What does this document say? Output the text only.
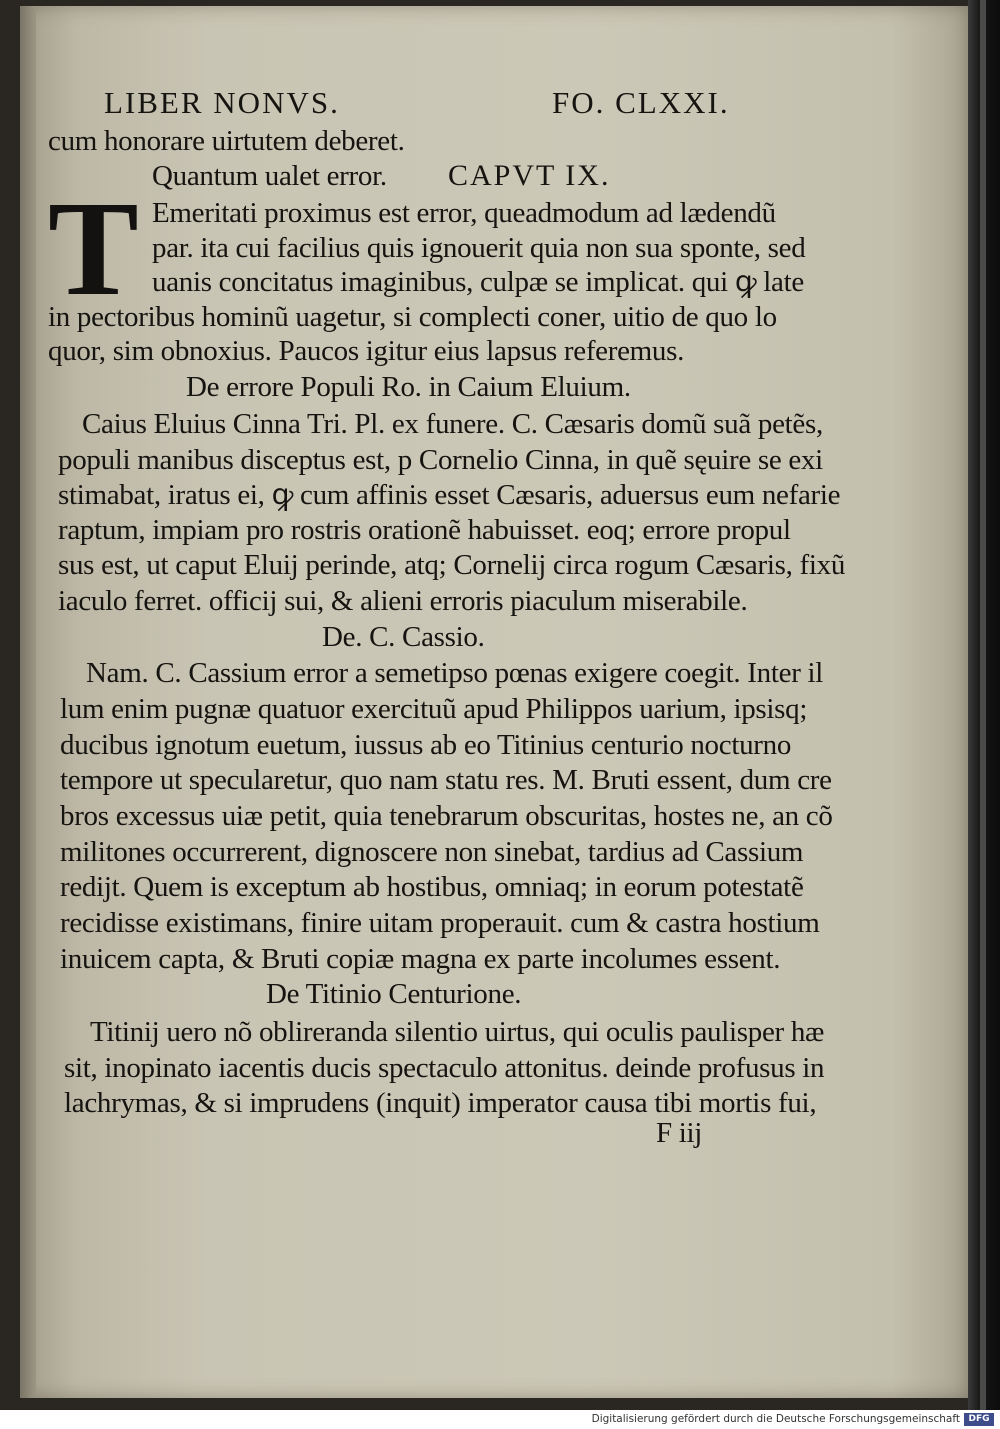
LIBER NONVS.	FO. CLXXI.
cum honorare uirtutem deberet.
Quantum ualet error. CAPVT IX.
T Emeritati proximus est error, queadmodum ad lædendũ
par. ita cui facilius quis ignouerit quia non sua sponte, sed
uanis concitatus imaginibus, culpæ se implicat. qui ꝙ late
in pectoribus hominũ uagetur, si complecti coner, uitio de quo lo
quor, sim obnoxius. Paucos igitur eius lapsus referemus.
De errore Populi Ro. in Caium Eluium.
Caius Eluius Cinna Tri. Pl. ex funere. C. Cæsaris domũ suã petẽs,
populi manibus disceptus est, p Cornelio Cinna, in quẽ sęuire se exi
stimabat, iratus ei, ꝙ cum affinis esset Cæsaris, aduersus eum nefarie
raptum, impiam pro rostris orationẽ habuisset. eoq; errore propul
sus est, ut caput Eluij perinde, atq; Cornelij circa rogum Cæsaris, fixũ
iaculo ferret. officij sui, & alieni erroris piaculum miserabile.
De. C. Cassio.
Nam. C. Cassium error a semetipso pœnas exigere coegit. Inter il
lum enim pugnæ quatuor exercituũ apud Philippos uarium, ipsisq;
ducibus ignotum euetum, iussus ab eo Titinius centurio nocturno
tempore ut specularetur, quo nam statu res. M. Bruti essent, dum cre
bros excessus uiæ petit, quia tenebrarum obscuritas, hostes ne, an cõ
militones occurrerent, dignoscere non sinebat, tardius ad Cassium
redijt. Quem is exceptum ab hostibus, omniaq; in eorum potestatẽ
recidisse existimans, finire uitam properauit. cum & castra hostium
inuicem capta, & Bruti copiæ magna ex parte incolumes essent.
De Titinio Centurione.
Titinij uero nõ oblireranda silentio uirtus, qui oculis paulisper hæ
sit, inopinato iacentis ducis spectaculo attonitus. deinde profusus in
lachrymas, & si imprudens (inquit) imperator causa tibi mortis fui,
F iij
Digitalisierung gefördert durch die Deutsche Forschungsgemeinschaft DFG
